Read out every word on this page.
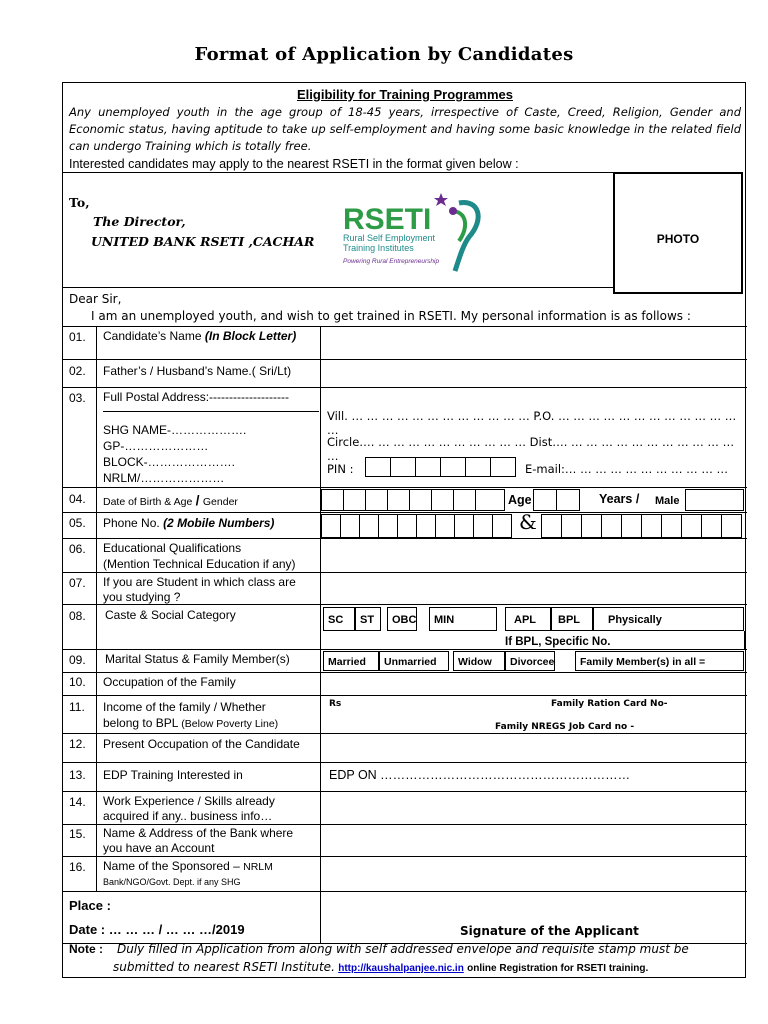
Format of Application by Candidates
Eligibility for Training Programmes
Any unemployed youth in the age group of 18-45 years, irrespective of Caste, Creed, Religion, Gender and Economic status, having aptitude to take up self-employment and having some basic knowledge in the related field can undergo Training which is totally free.
Interested candidates may apply to the nearest RSETI in the format given below :
To,
The Director,
UNITED BANK RSETI ,CACHAR
RSETI
Rural Self Employment
Training Institutes
Powering Rural Entrepreneurship
PHOTO
Dear Sir,
I am an unemployed youth, and wish to get trained in RSETI. My personal information is as follows :
01. Candidate’s Name (In Block Letter)
02. Father’s / Husband’s Name.( Sri/Lt)
03. Full Postal Address:--------------------
SHG NAME-……………….
GP-…………………
BLOCK-………………….
NRLM/…………………
Vill. … … … … … … … … … … … … P.O. … … … … … … … … … … … … …
Circle…. … … … … … … … … … … Dist…. … … … … … … … … … … … …
PIN :	E-mail:… … … … … … … … … … …
04. Date of Birth & Age / Gender	Age	Years / Male
05. Phone No. (2 Mobile Numbers)	&
06. Educational Qualifications
(Mention Technical Education if any)
07. If you are Student in which class are
you studying ?
08. Caste & Social Category	SC	ST	OBC	MIN	APL	BPL	Physically
If BPL, Specific No.
09. Marital Status & Family Member(s)	Married	Unmarried	Widow	Divorcee	Family Member(s) in all =
10. Occupation of the Family
11. Income of the family / Whether
belong to BPL (Below Poverty Line)
Rs	Family Ration Card No-
Family NREGS Job Card no -
12. Present Occupation of the Candidate
13. EDP Training Interested in	EDP ON ……………………………………………………
14. Work Experience / Skills already
acquired if any.. business info…
15. Name & Address of the Bank where
you have an Account
16. Name of the Sponsored – NRLM
Bank/NGO/Govt. Dept. if any SHG
Place :
Date : … … … / … … …/2019	Signature of the Applicant
Note : Duly filled in Application from along with self addressed envelope and requisite stamp must be
submitted to nearest RSETI Institute. http://kaushalpanjee.nic.in online Registration for RSETI training.
